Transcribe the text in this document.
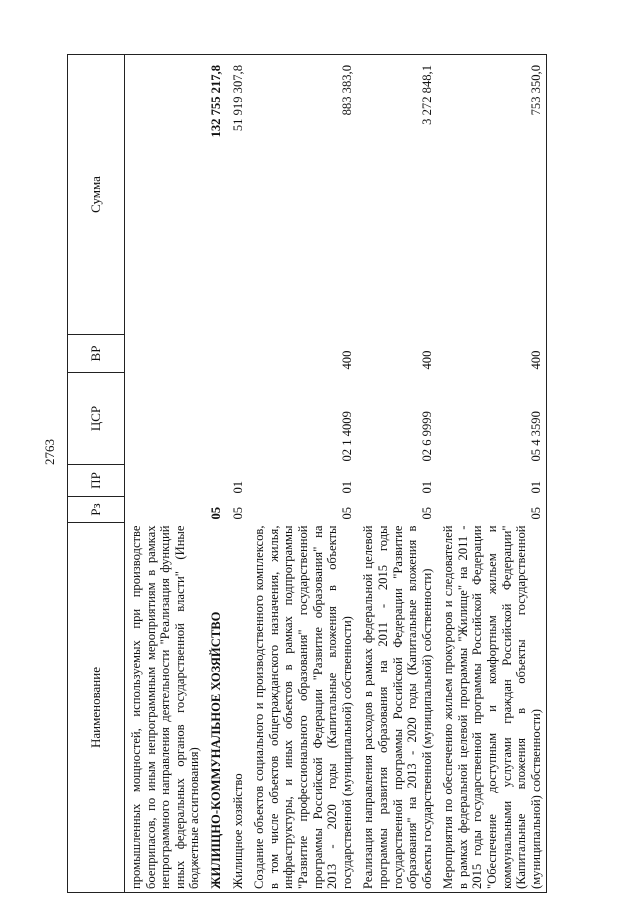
2763
Наименование	Рз	ПР	ЦСР	ВР	Сумма
промышленных мощностей, используемых при производстве боеприпасов, по иным непрограммным мероприятиям в рамках непрограммного направления деятельности "Реализация функций иных федеральных органов государственной власти" (Иные бюджетные ассигнования)					
ЖИЛИЩНО-КОММУНАЛЬНОЕ ХОЗЯЙСТВО	05				132 755 217,8
Жилищное хозяйство	05	01			51 919 307,8
Создание объектов социального и производственного комплексов, в том числе объектов общегражданского назначения, жилья, инфраструктуры, и иных объектов в рамках подпрограммы "Развитие профессионального образования" государственной программы Российской Федерации "Развитие образования" на 2013 - 2020 годы (Капитальные вложения в объекты государственной (муниципальной) собственности)	05	01	02 1 4009	400	883 383,0
Реализация направления расходов в рамках федеральной целевой программы развития образования на 2011 - 2015 годы государственной программы Российской Федерации "Развитие образования" на 2013 - 2020 годы (Капитальные вложения в объекты государственной (муниципальной) собственности)	05	01	02 6 9999	400	3 272 848,1
Мероприятия по обеспечению жильем прокуроров и следователей в рамках федеральной целевой программы "Жилище" на 2011 - 2015 годы государственной программы Российской Федерации "Обеспечение доступным и комфортным жильем и коммунальными услугами граждан Российской Федерации" (Капитальные вложения в объекты государственной (муниципальной) собственности)	05	01	05 4 3590	400	753 350,0
